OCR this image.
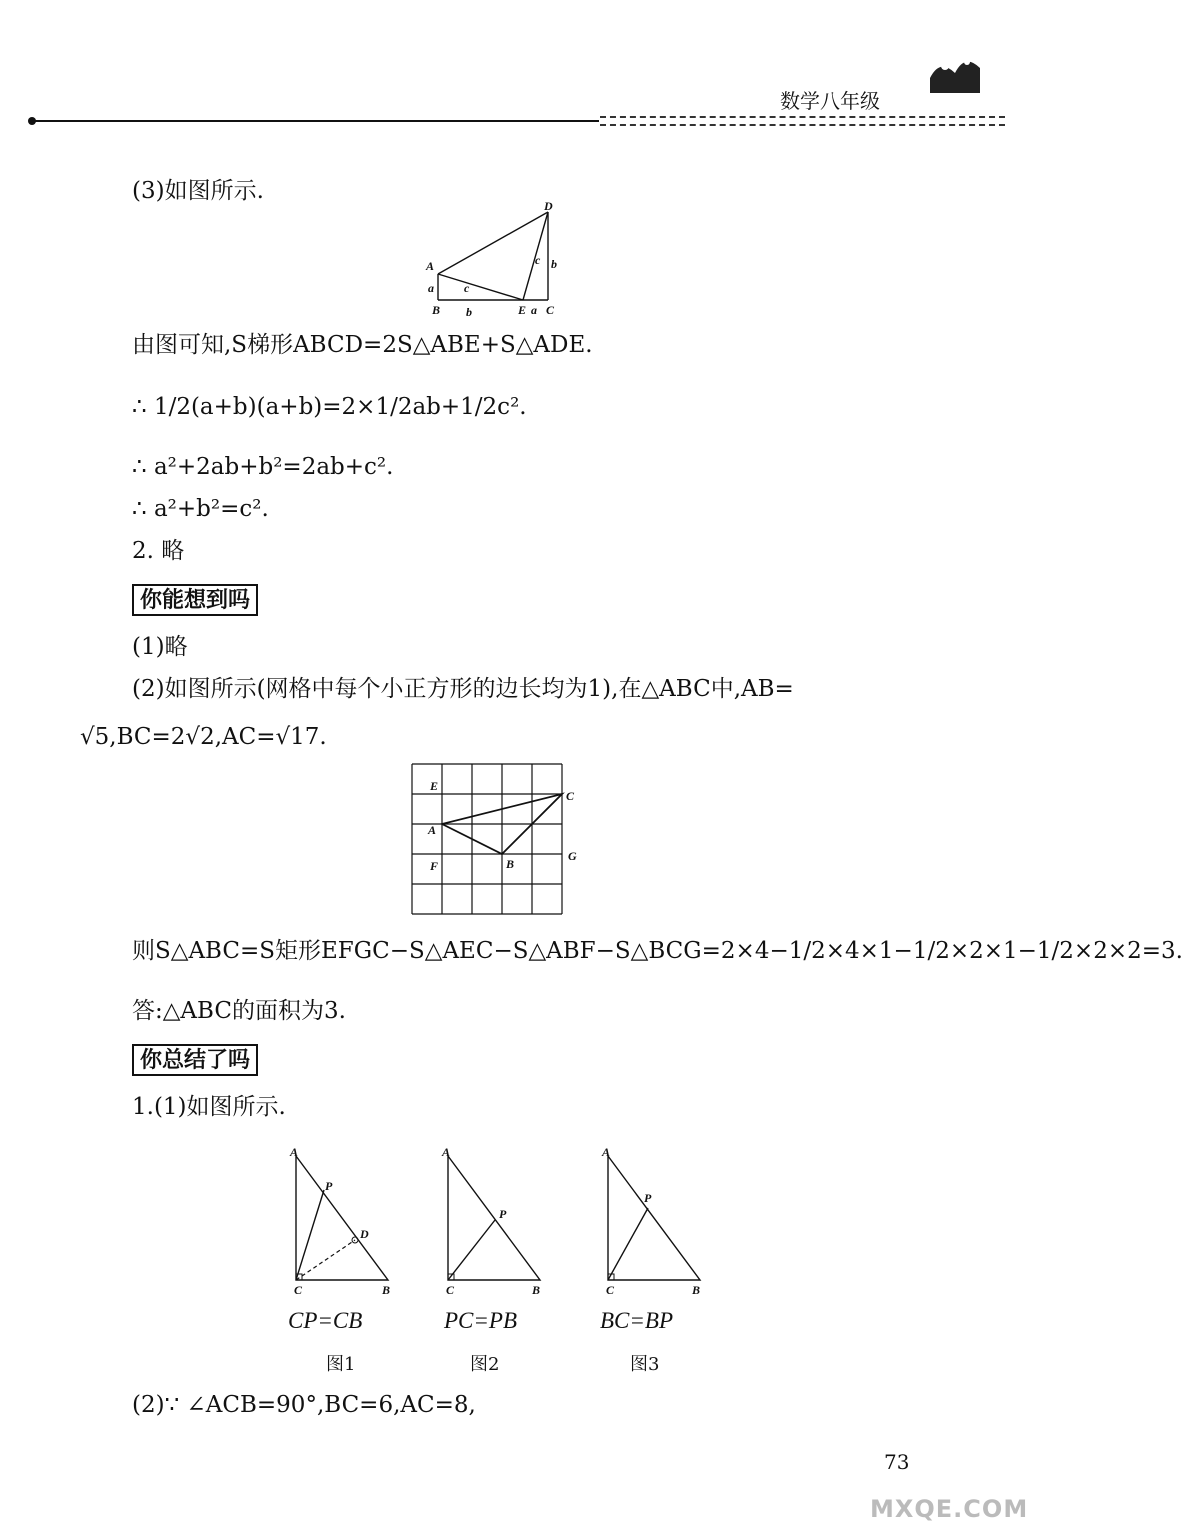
数学八年级
(3)如图所示.
D
A
B	E C
a
a
b
b
c
c
由图可知,S梯形ABCD=2S△ABE+S△ADE.
∴ 1/2(a+b)(a+b)=2×1/2ab+1/2c².
∴ a²+2ab+b²=2ab+c².
∴ a²+b²=c².
2. 略
你能想到吗
(1)略
(2)如图所示(网格中每个小正方形的边长均为1),在△ABC中,AB=
√5,BC=2√2,AC=√17.
E
A
F	B
C
G
则S△ABC=S矩形EFGC−S△AEC−S△ABF−S△BCG=2×4−1/2×4×1−1/2×2×1−1/2×2×2=3.
答:△ABC的面积为3.
你总结了吗
1.(1)如图所示.
A
P
D
C	B
CP=CB
图1
A
P
C	B
PC=PB
图2
A
P
C	B
BC=BP
图3
(2)∵ ∠ACB=90°,BC=6,AC=8,
73
MXQE.COM
